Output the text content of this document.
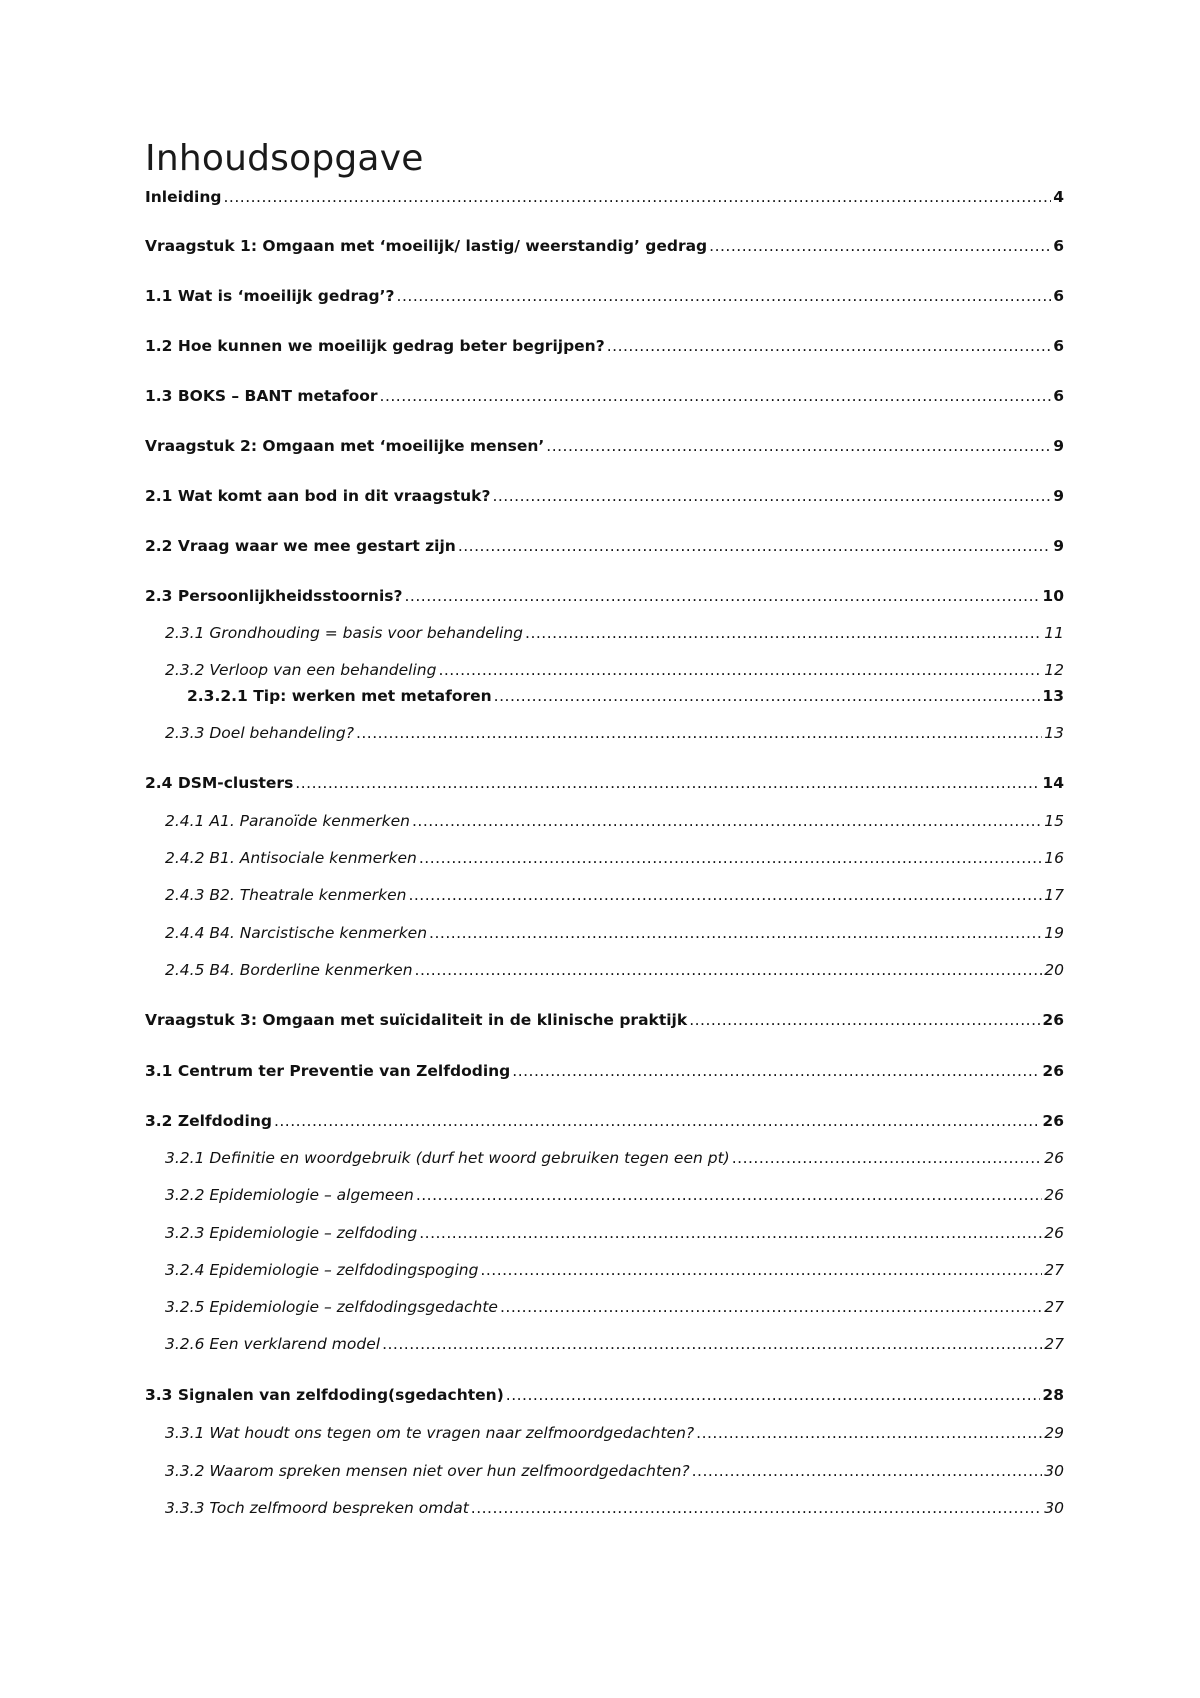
Inhoudsopgave
Inleiding .....	4
Vraagstuk 1: Omgaan met ‘moeilijk/ lastig/ weerstandig’ gedrag .....	6
1.1 Wat is ‘moeilijk gedrag’? .....	6
1.2 Hoe kunnen we moeilijk gedrag beter begrijpen? .....	6
1.3 BOKS – BANT metafoor .....	6
Vraagstuk 2: Omgaan met ‘moeilijke mensen’ .....	9
2.1 Wat komt aan bod in dit vraagstuk? .....	9
2.2 Vraag waar we mee gestart zijn .....	9
2.3 Persoonlijkheidsstoornis? .....	10
2.3.1 Grondhouding = basis voor behandeling .....	11
2.3.2 Verloop van een behandeling .....	12
2.3.2.1 Tip: werken met metaforen .....	13
2.3.3 Doel behandeling? .....	13
2.4 DSM-clusters .....	14
2.4.1 A1. Paranoïde kenmerken .....	15
2.4.2 B1. Antisociale kenmerken .....	16
2.4.3 B2. Theatrale kenmerken .....	17
2.4.4 B4. Narcistische kenmerken .....	19
2.4.5 B4. Borderline kenmerken .....	20
Vraagstuk 3: Omgaan met suïcidaliteit in de klinische praktijk .....	26
3.1 Centrum ter Preventie van Zelfdoding .....	26
3.2 Zelfdoding .....	26
3.2.1 Definitie en woordgebruik (durf het woord gebruiken tegen een pt) .....	26
3.2.2 Epidemiologie – algemeen .....	26
3.2.3 Epidemiologie – zelfdoding .....	26
3.2.4 Epidemiologie – zelfdodingspoging .....	27
3.2.5 Epidemiologie – zelfdodingsgedachte .....	27
3.2.6 Een verklarend model .....	27
3.3 Signalen van zelfdoding(sgedachten) .....	28
3.3.1 Wat houdt ons tegen om te vragen naar zelfmoordgedachten? .....	29
3.3.2 Waarom spreken mensen niet over hun zelfmoordgedachten? .....	30
3.3.3 Toch zelfmoord bespreken omdat .....	30
